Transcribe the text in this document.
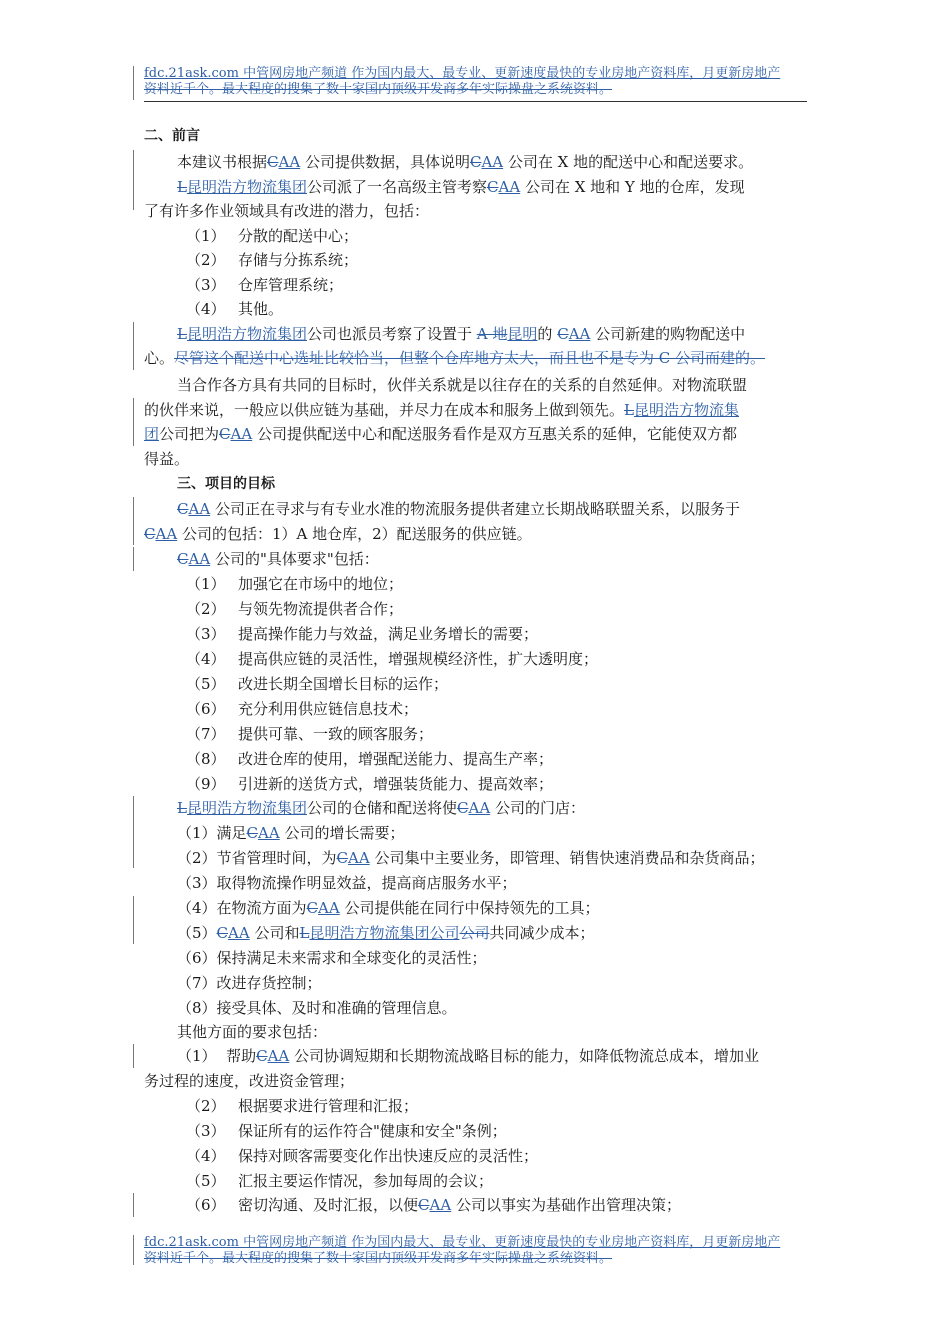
fdc.21ask.com 中管网房地产频道 作为国内最大、最专业、更新速度最快的专业房地产资料库，月更新房地产
资料近千个。最大程度的搜集了数十家国内顶级开发商多年实际操盘之系统资料。
二、前言
本建议书根据CAA 公司提供数据，具体说明CAA 公司在 X 地的配送中心和配送要求。
L昆明浩方物流集团公司派了一名高级主管考察CAA 公司在 X 地和 Y 地的仓库，发现
了有许多作业领域具有改进的潜力，包括：
（1） 分散的配送中心；
（2） 存储与分拣系统；
（3） 仓库管理系统；
（4） 其他。
L昆明浩方物流集团公司也派员考察了设置于 A 地昆明的 CAA 公司新建的购物配送中
心。尽管这个配送中心选址比较恰当，但整个仓库地方太大，而且也不是专为 C 公司而建的。
当合作各方具有共同的目标时，伙伴关系就是以往存在的关系的自然延伸。对物流联盟
的伙伴来说，一般应以供应链为基础，并尽力在成本和服务上做到领先。L昆明浩方物流集
团公司把为CAA 公司提供配送中心和配送服务看作是双方互惠关系的延伸，它能使双方都
得益。
三、项目的目标
CAA 公司正在寻求与有专业水准的物流服务提供者建立长期战略联盟关系，以服务于
CAA 公司的包括：1）A 地仓库，2）配送服务的供应链。
CAA 公司的"具体要求"包括：
（1） 加强它在市场中的地位；
（2） 与领先物流提供者合作；
（3） 提高操作能力与效益，满足业务增长的需要；
（4） 提高供应链的灵活性，增强规模经济性，扩大透明度；
（5） 改进长期全国增长目标的运作；
（6） 充分利用供应链信息技术；
（7） 提供可靠、一致的顾客服务；
（8） 改进仓库的使用，增强配送能力、提高生产率；
（9） 引进新的送货方式，增强装货能力、提高效率；
L昆明浩方物流集团公司的仓储和配送将使CAA 公司的门店：
（1）满足CAA 公司的增长需要；
（2）节省管理时间，为CAA 公司集中主要业务，即管理、销售快速消费品和杂货商品；
（3）取得物流操作明显效益，提高商店服务水平；
（4）在物流方面为CAA 公司提供能在同行中保持领先的工具；
（5）CAA 公司和L昆明浩方物流集团公司公司共同减少成本；
（6）保持满足未来需求和全球变化的灵活性；
（7）改进存货控制；
（8）接受具体、及时和准确的管理信息。
其他方面的要求包括：
（1） 帮助CAA 公司协调短期和长期物流战略目标的能力，如降低物流总成本，增加业
务过程的速度，改进资金管理；
（2） 根据要求进行管理和汇报；
（3） 保证所有的运作符合"健康和安全"条例；
（4） 保持对顾客需要变化作出快速反应的灵活性；
（5） 汇报主要运作情况，参加每周的会议；
（6） 密切沟通、及时汇报，以便CAA 公司以事实为基础作出管理决策；
fdc.21ask.com 中管网房地产频道 作为国内最大、最专业、更新速度最快的专业房地产资料库，月更新房地产
资料近千个。最大程度的搜集了数十家国内顶级开发商多年实际操盘之系统资料。
